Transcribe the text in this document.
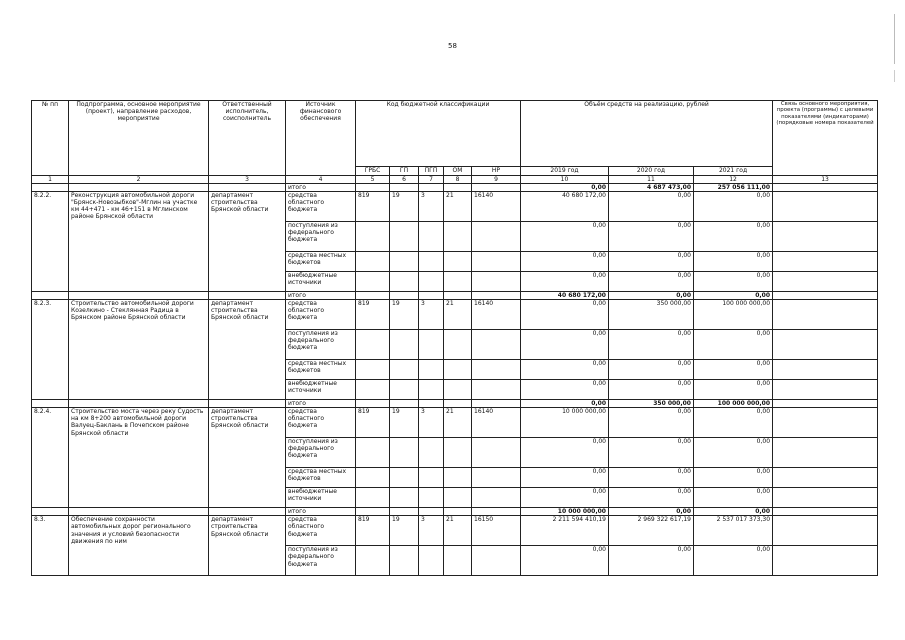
58
№ пп	Подпрограмма, основное мероприятие (проект), направление расходов, мероприятие	Ответственный исполнитель, соисполнитель	Источник финансового обеспечения	Код бюджетной классификации					Объём средств на реализацию, рублей			Связь основного мероприятия, проекта (программы) с целевыми показателями (индикаторами) (порядковые номера показателей
				ГРБС	ГП	ПГП	ОМ	НР	2019 год	2020 год	2021 год	
1	2	3	4	5	6	7	8	9	10	11	12	13
			итого						0,00	4 687 473,00	257 056 111,00	
8.2.2.	Реконструкция автомобильной дороги "Брянск-Новозыбков"-Мглин на участке км 44+471 - км 46+151 в Мглинском районе Брянской области	департамент строительства Брянской области	средства областного бюджета	819	19	3	21	16140	40 680 172,00	0,00	0,00	
			поступления из федерального бюджета						0,00	0,00	0,00	
			средства местных бюджетов						0,00	0,00	0,00	
			внебюджетные источники						0,00	0,00	0,00	
			итого						40 680 172,00	0,00	0,00	
8.2.3.	Строительство автомобильной дороги Козелкино - Стеклянная Радица в Брянском районе Брянской области	департамент строительства Брянской области	средства областного бюджета	819	19	3	21	16140	0,00	350 000,00	100 000 000,00	
			поступления из федерального бюджета						0,00	0,00	0,00	
			средства местных бюджетов						0,00	0,00	0,00	
			внебюджетные источники						0,00	0,00	0,00	
			итого						0,00	350 000,00	100 000 000,00	
8.2.4.	Строительство моста через реку Судость на км 8+200 автомобильной дороги Валуец-Баклань в Почепском районе Брянской области	департамент строительства Брянской области	средства областного бюджета	819	19	3	21	16140	10 000 000,00	0,00	0,00	
			поступления из федерального бюджета						0,00	0,00	0,00	
			средства местных бюджетов						0,00	0,00	0,00	
			внебюджетные источники						0,00	0,00	0,00	
			итого						10 000 000,00	0,00	0,00	
8.3.	Обеспечение сохранности автомобильных дорог регионального значения и условий безопасности движения по ним	департамент строительства Брянской области	средства областного бюджета	819	19	3	21	16150	2 211 594 410,19	2 969 322 617,19	2 537 017 373,30	
			поступления из федерального бюджета						0,00	0,00	0,00	
